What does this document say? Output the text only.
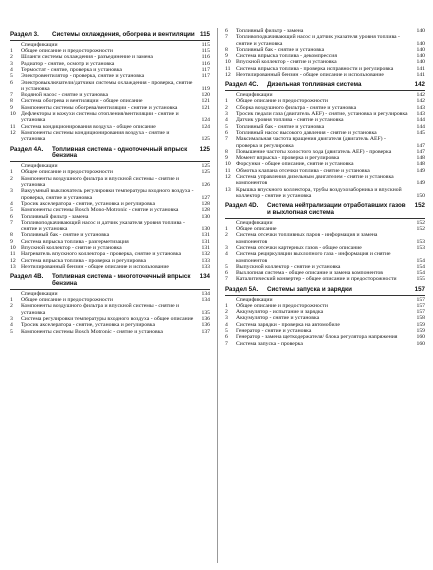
Раздел 3.	Системы охлаждения, обогрева и вентиляции 115
Спецификации	115
1	Общее описание и предосторожности	115
2	Шланги системы охлаждения - разъединение и замена	116
3	Радиатор - снятие, осмотр и установка	116
4	Термостат - снятие, проверка и установка	117
5	Электровентилятор - проверка, снятие и установка	117
6	Электровыключатели/датчики системы охлаждения - проверка, снятие и установка	119
7	Водяной насос - снятие и установка	120
8	Система обогрева и вентиляции - общее описание	121
9	Компоненты системы обогрева/вентиляции - снятие и установка	121
10 Дефлекторы и кожухи системы отопления/вентиляции - снятие и установка	124
11 Система кондиционирования воздуха - общее описание	124
12 Компоненты системы кондиционирования воздуха - снятие и установка	125
Раздел 4А.	Топливная система - одноточечный впрыск бензина
125
Спецификации	125
1	Общее описание и предосторожности	125
2	Компоненты воздушного фильтра и впускной системы - снятие и установка	126
3	Вакуумный выключатель регулировки температуры входного воздуха - проверка, снятие и установка	127
4	Тросик акселератора - снятие, установка и регулировка	128
5	Компоненты системы Bosch Mono-Motronic - снятие и установка	128
6	Топливный фильтр - замена	130
7	Топливоподкачивающий насос и датчик указателя уровня топлива - снятие и установка	130
8	Топливный бак - снятие и установка	131
9	Система впрыска топлива - разгерметизация	131
10 Впускной коллектор - снятие и установка	131
11 Нагреватель впускного коллектора - проверка, снятие и установка	132
12 Система впрыска топлива - проверка и регулировка	133
13 Неэтилированный бензин - общее описание и использование	133
Раздел 4В.	Топливная система - многоточечный впрыск бензина
134
Спецификации	134
1	Общее описание и предосторожности	134
2	Компоненты воздушного фильтра и впускной системы - снятие и установка	135
3	Система регулировки температуры входного воздуха - общее описание	136
4	Тросик акселератора - снятие, установка и регулировка	136
5	Компоненты системы Bosch Motronic - снятие и установка	137
6	Топливный фильтр - замена	140
7	Топливоподкачивающий насос и датчик указателя уровня топлива - снятие и установка	140
8	Топливный бак - снятие и установка	140
9	Система впрыска топлива - декомпрессия	140
10 Впускной коллектор - снятие и установка	140
11 Система впрыска топлива - проверка исправности и регулировка	141
12 Неэтилированный бензин - общее описание и использование	141
Раздел 4С.	Дизельная топливная система	142
Спецификации	142
1	Общее описание и предосторожности	142
2	Сборка воздушного фильтра - снятие и установка	143
3	Тросик педали газа (двигатель AEF) - снятие, установка и регулировка	143
4	Датчик уровня топлива - снятие и установка	144
5	Топливный бак - снятие и установка	144
6	Топливный насос высокого давления - снятие и установка	145
7	Максимальная частота вращения двигателя (двигатель AEF) - проверка и регулировка	147
8	Повышение частоты холостого хода (двигатель AEF) - проверка	147
9	Момент впрыска - проверка и регулировка	148
10 Форсунки - общее описание, снятие и установка	148
11 Обмотка клапана отсечки топлива - снятие и установка	149
12 Система управления дизельным двигателем - снятие и установка компонентов	149
13 Крышка впускного коллектора, трубы воздухозаборника и впускной коллектор - снятие и установка	150
Раздел 4D.	Система нейтрализации отработавших газов и выхлопная система
152
Спецификации	152
1	Общее описание	152
2	Система отсечки топливных паров - информация и замена компонентов	153
3	Система отсечки картерных газов - общее описание	153
4	Система рециркуляции выхлопного газа - информация и снятие компонентов	154
5	Выпускной коллектор - снятие и установка	154
6	Выхлопная система - общее описание и замена компонентов	154
7	Каталитический конвертер - общее описание и предосторожности	155
Раздел 5А.	Системы запуска и зарядки	157
Спецификации	157
1	Общее описание и предосторожности	157
2	Аккумулятор - испытание и зарядка	157
3	Аккумулятор - снятие и установка	158
4	Система зарядки - проверка на автомобиле	159
5	Генератор - снятие и установка	159
6	Генератор - замена щеткодержателя/ блока регулятора напряжения	160
7	Система запуска - проверка	160
